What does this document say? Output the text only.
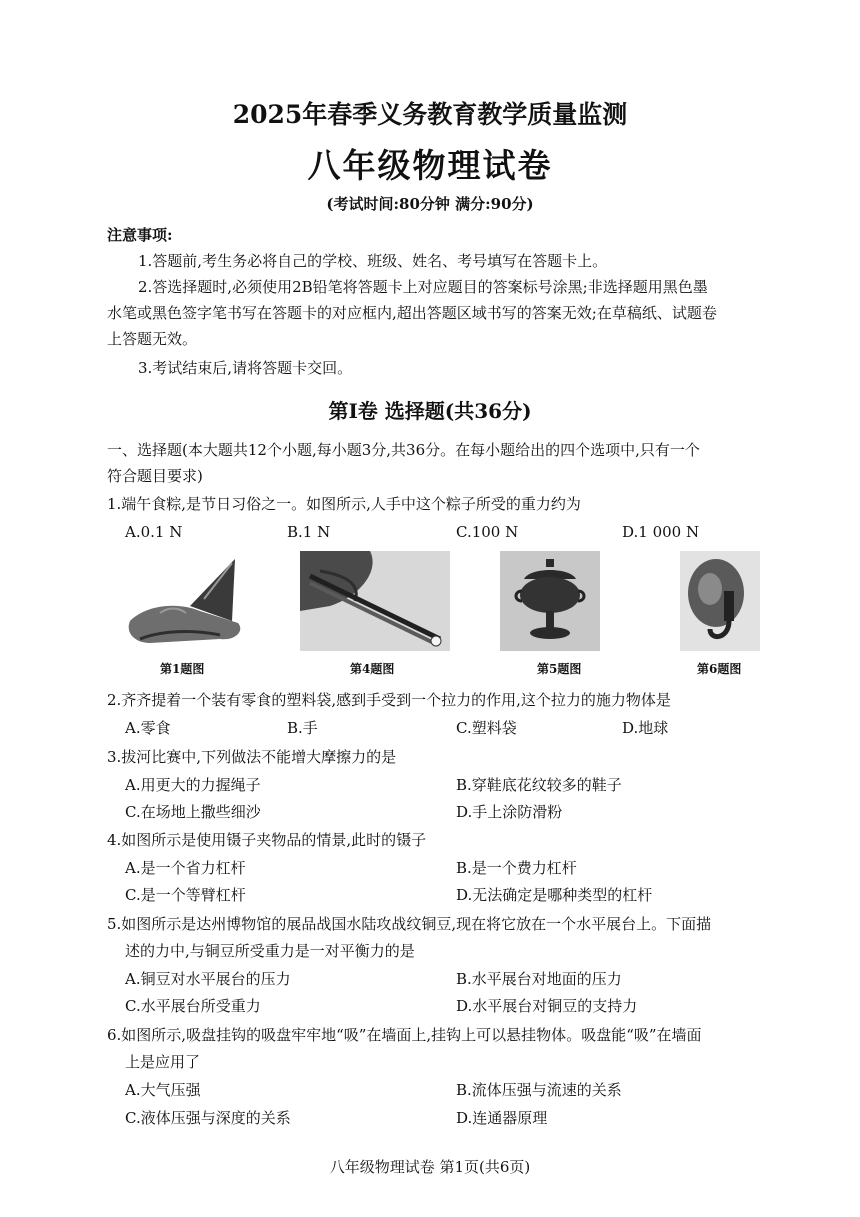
2025年春季义务教育教学质量监测
八年级物理试卷
(考试时间:80分钟 满分:90分)
注意事项:
1.答题前,考生务必将自己的学校、班级、姓名、考号填写在答题卡上。
2.答选择题时,必须使用2B铅笔将答题卡上对应题目的答案标号涂黑;非选择题用黑色墨
水笔或黑色签字笔书写在答题卡的对应框内,超出答题区域书写的答案无效;在草稿纸、试题卷
上答题无效。
3.考试结束后,请将答题卡交回。
第Ⅰ卷 选择题(共36分)
一、选择题(本大题共12个小题,每小题3分,共36分。在每小题给出的四个选项中,只有一个
符合题目要求)
1.端午食粽,是节日习俗之一。如图所示,人手中这个粽子所受的重力约为
A.0.1 N	B.1 N	C.100 N	D.1 000 N
第1题图	第4题图	第5题图	第6题图
2.齐齐提着一个装有零食的塑料袋,感到手受到一个拉力的作用,这个拉力的施力物体是
A.零食	B.手	C.塑料袋	D.地球
3.拔河比赛中,下列做法不能增大摩擦力的是
A.用更大的力握绳子	B.穿鞋底花纹较多的鞋子
C.在场地上撒些细沙	D.手上涂防滑粉
4.如图所示是使用镊子夹物品的情景,此时的镊子
A.是一个省力杠杆	B.是一个费力杠杆
C.是一个等臂杠杆	D.无法确定是哪种类型的杠杆
5.如图所示是达州博物馆的展品战国水陆攻战纹铜豆,现在将它放在一个水平展台上。下面描
述的力中,与铜豆所受重力是一对平衡力的是
A.铜豆对水平展台的压力	B.水平展台对地面的压力
C.水平展台所受重力	D.水平展台对铜豆的支持力
6.如图所示,吸盘挂钩的吸盘牢牢地“吸”在墙面上,挂钩上可以悬挂物体。吸盘能“吸”在墙面
上是应用了
A.大气压强	B.流体压强与流速的关系
C.液体压强与深度的关系	D.连通器原理
八年级物理试卷 第1页(共6页)
